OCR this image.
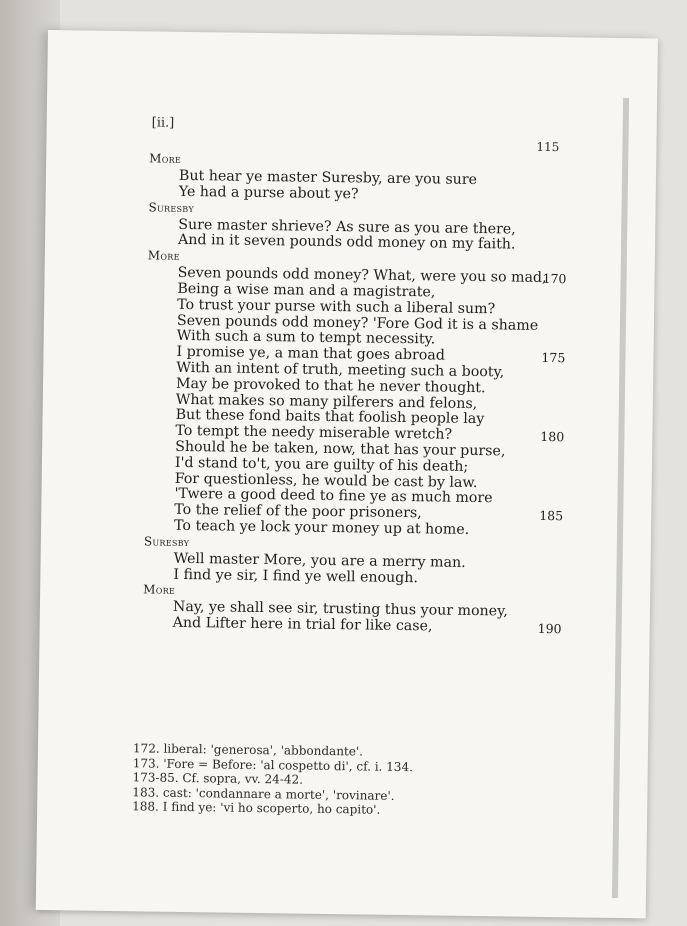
[ii.]
115
More
But hear ye master Suresby, are you sure
Ye had a purse about ye?
Suresby
Sure master shrieve? As sure as you are there,
And in it seven pounds odd money on my faith.
More
Seven pounds odd money? What, were you so mad,
170
Being a wise man and a magistrate,
To trust your purse with such a liberal sum?
Seven pounds odd money? 'Fore God it is a shame
With such a sum to tempt necessity.
I promise ye, a man that goes abroad	175
With an intent of truth, meeting such a booty,
May be provoked to that he never thought.
What makes so many pilferers and felons,
But these fond baits that foolish people lay
To tempt the needy miserable wretch?	180
Should he be taken, now, that has your purse,
I'd stand to't, you are guilty of his death;
For questionless, he would be cast by law.
'Twere a good deed to fine ye as much more
To the relief of the poor prisoners,	185
To teach ye lock your money up at home.
Suresby
Well master More, you are a merry man.
I find ye sir, I find ye well enough.
More
Nay, ye shall see sir, trusting thus your money,
And Lifter here in trial for like case,	190
172. liberal: 'generosa', 'abbondante'.
173. 'Fore = Before: 'al cospetto di', cf. i. 134.
173-85. Cf. sopra, vv. 24-42.
183. cast: 'condannare a morte', 'rovinare'.
188. I find ye: 'vi ho scoperto, ho capito'.
